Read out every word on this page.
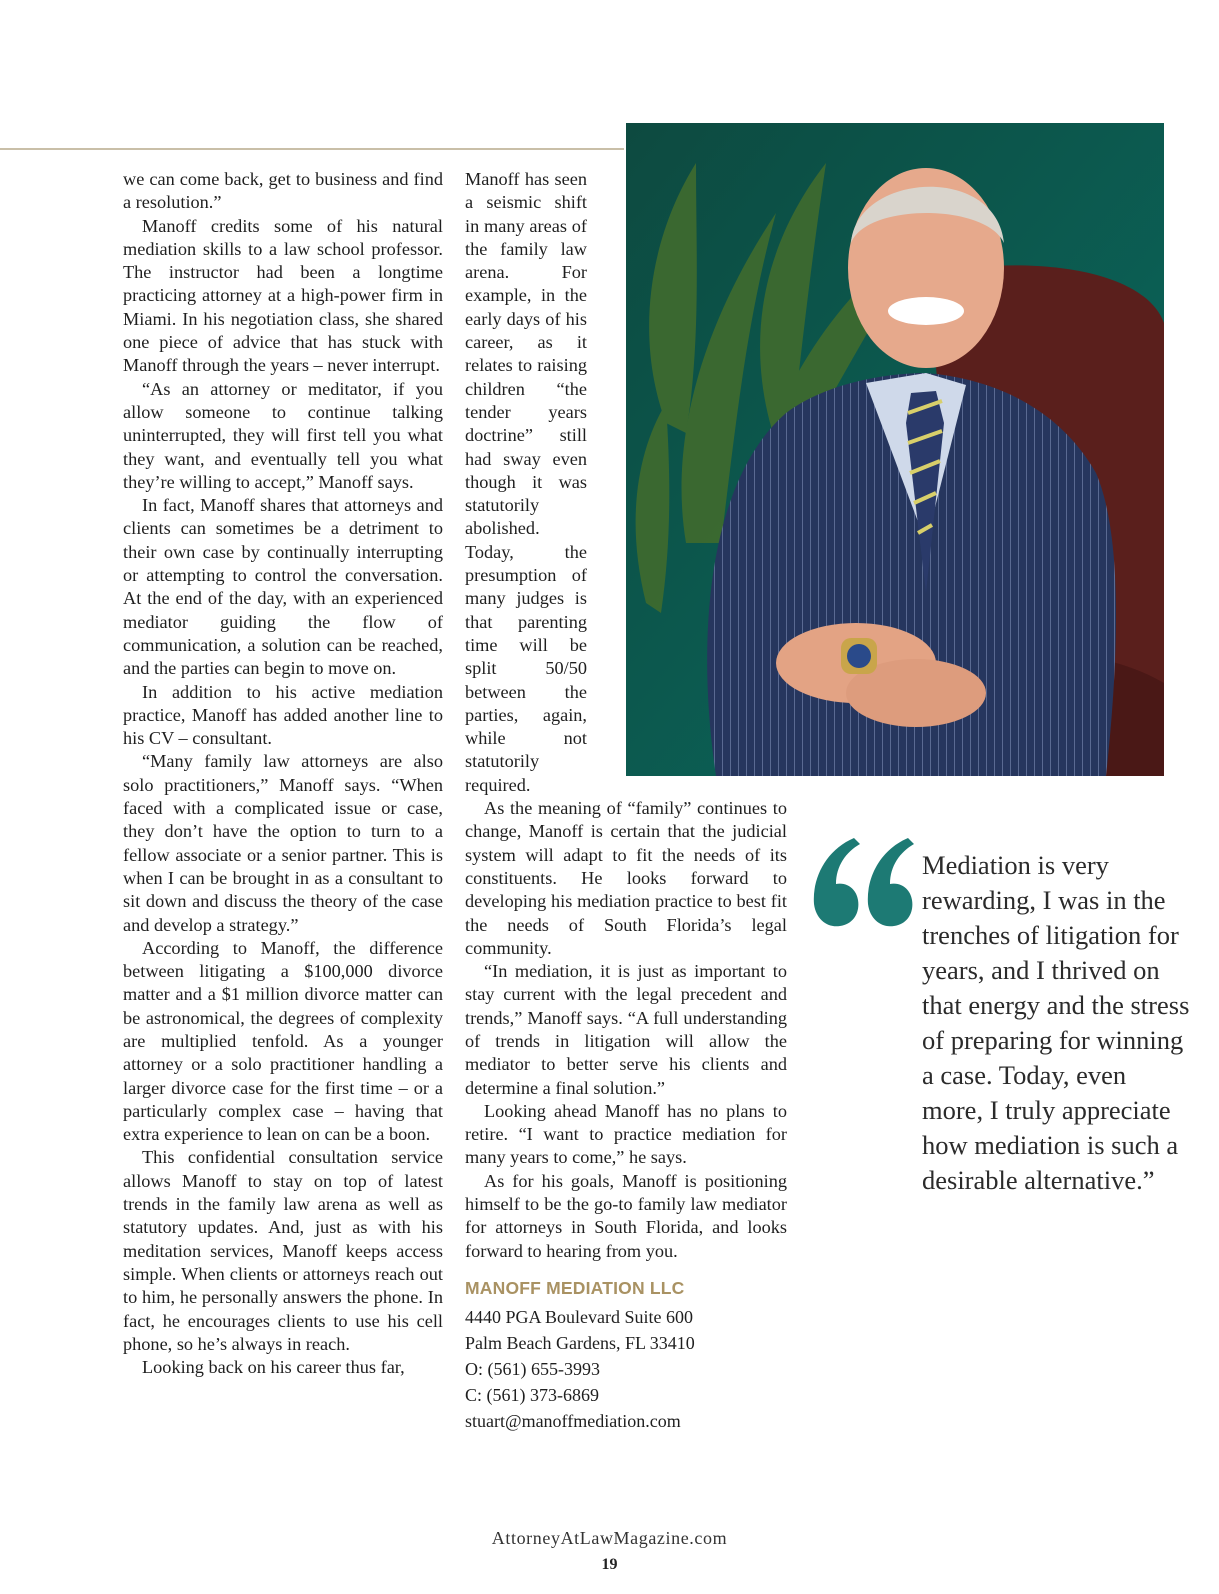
we can come back, get to business and find a resolution.”

Manoff credits some of his natural mediation skills to a law school professor. The instructor had been a longtime practicing attorney at a high-power firm in Miami. In his negotiation class, she shared one piece of advice that has stuck with Manoff through the years – never interrupt.

“As an attorney or meditator, if you allow someone to continue talking uninterrupted, they will first tell you what they want, and eventually tell you what they’re willing to accept,” Manoff says.

In fact, Manoff shares that attorneys and clients can sometimes be a detriment to their own case by continually interrupting or attempting to control the conversation. At the end of the day, with an experienced mediator guiding the flow of communication, a solution can be reached, and the parties can begin to move on.

In addition to his active mediation practice, Manoff has added another line to his CV – consultant.

“Many family law attorneys are also solo practitioners,” Manoff says. “When faced with a complicated issue or case, they don’t have the option to turn to a fellow associate or a senior partner. This is when I can be brought in as a consultant to sit down and discuss the theory of the case and develop a strategy.”

According to Manoff, the difference between litigating a $100,000 divorce matter and a $1 million divorce matter can be astronomical, the degrees of complexity are multiplied tenfold. As a younger attorney or a solo practitioner handling a larger divorce case for the first time – or a particularly complex case – having that extra experience to lean on can be a boon.

This confidential consultation service allows Manoff to stay on top of latest trends in the family law arena as well as statutory updates. And, just as with his meditation services, Manoff keeps access simple. When clients or attorneys reach out to him, he personally answers the phone. In fact, he encourages clients to use his cell phone, so he’s always in reach.

Looking back on his career thus far,

Manoff has seen a seismic shift in many areas of the family law arena. For example, in the early days of his career, as it relates to raising children “the tender years doctrine” still had sway even though it was statutorily abolished. Today, the presumption of many judges is that parenting time will be split 50/50 between the parties, again, while not statutorily required.

As the meaning of “family” continues to change, Manoff is certain that the judicial system will adapt to fit the needs of its constituents. He looks forward to developing his mediation practice to best fit the needs of South Florida’s legal community.

“In mediation, it is just as important to stay current with the legal precedent and trends,” Manoff says. “A full understanding of trends in litigation will allow the mediator to better serve his clients and determine a final solution.”

Looking ahead Manoff has no plans to retire. “I want to practice mediation for many years to come,” he says.

As for his goals, Manoff is positioning himself to be the go-to family law mediator for attorneys in South Florida, and looks forward to hearing from you.

MANOFF MEDIATION LLC
4440 PGA Boulevard Suite 600
Palm Beach Gardens, FL 33410
O: (561) 655-3993
C: (561) 373-6869
stuart@manoffmediation.com
Mediation is very rewarding, I was in the trenches of litigation for years, and I thrived on that energy and the stress of preparing for winning a case. Today, even more, I truly appreciate how mediation is such a desirable alternative.”
AttorneyAtLawMagazine.com
19
